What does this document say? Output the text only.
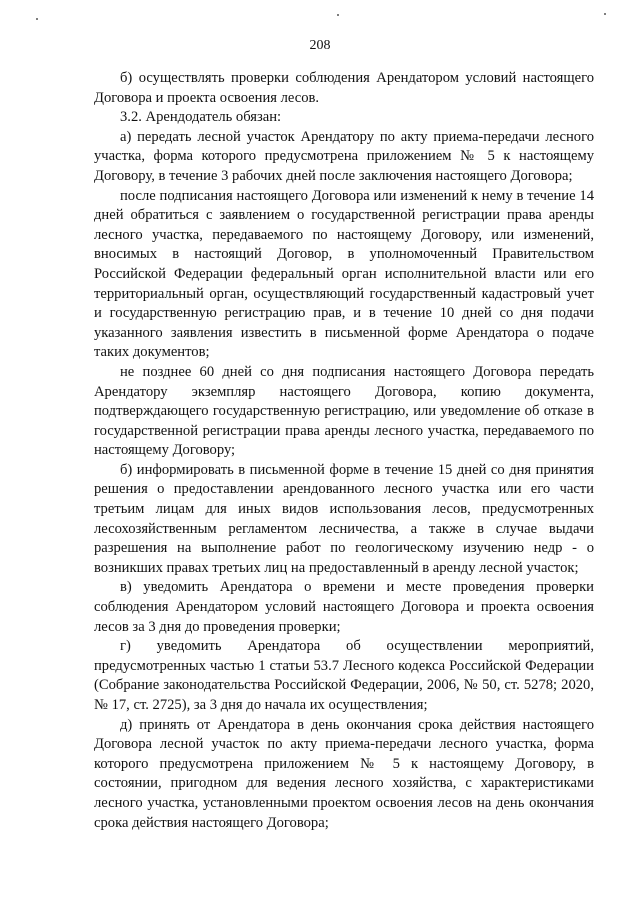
208

б) осуществлять проверки соблюдения Арендатором условий настоящего Договора и проекта освоения лесов.

3.2. Арендодатель обязан:

а) передать лесной участок Арендатору по акту приема-передачи лесного участка, форма которого предусмотрена приложением № 5 к настоящему Договору, в течение 3 рабочих дней после заключения настоящего Договора;

после подписания настоящего Договора или изменений к нему в течение 14 дней обратиться с заявлением о государственной регистрации права аренды лесного участка, передаваемого по настоящему Договору, или изменений, вносимых в настоящий Договор, в уполномоченный Правительством Российской Федерации федеральный орган исполнительной власти или его территориальный орган, осуществляющий государственный кадастровый учет и государственную регистрацию прав, и в течение 10 дней со дня подачи указанного заявления известить в письменной форме Арендатора о подаче таких документов;

не позднее 60 дней со дня подписания настоящего Договора передать Арендатору экземпляр настоящего Договора, копию документа, подтверждающего государственную регистрацию, или уведомление об отказе в государственной регистрации права аренды лесного участка, передаваемого по настоящему Договору;

б) информировать в письменной форме в течение 15 дней со дня принятия решения о предоставлении арендованного лесного участка или его части третьим лицам для иных видов использования лесов, предусмотренных лесохозяйственным регламентом лесничества, а также в случае выдачи разрешения на выполнение работ по геологическому изучению недр - о возникших правах третьих лиц на предоставленный в аренду лесной участок;

в) уведомить Арендатора о времени и месте проведения проверки соблюдения Арендатором условий настоящего Договора и проекта освоения лесов за 3 дня до проведения проверки;

г) уведомить Арендатора об осуществлении мероприятий, предусмотренных частью 1 статьи 53.7 Лесного кодекса Российской Федерации (Собрание законодательства Российской Федерации, 2006, № 50, ст. 5278; 2020, № 17, ст. 2725), за 3 дня до начала их осуществления;

д) принять от Арендатора в день окончания срока действия настоящего Договора лесной участок по акту приема-передачи лесного участка, форма которого предусмотрена приложением № 5 к настоящему Договору, в состоянии, пригодном для ведения лесного хозяйства, с характеристиками лесного участка, установленными проектом освоения лесов на день окончания срока действия настоящего Договора;
